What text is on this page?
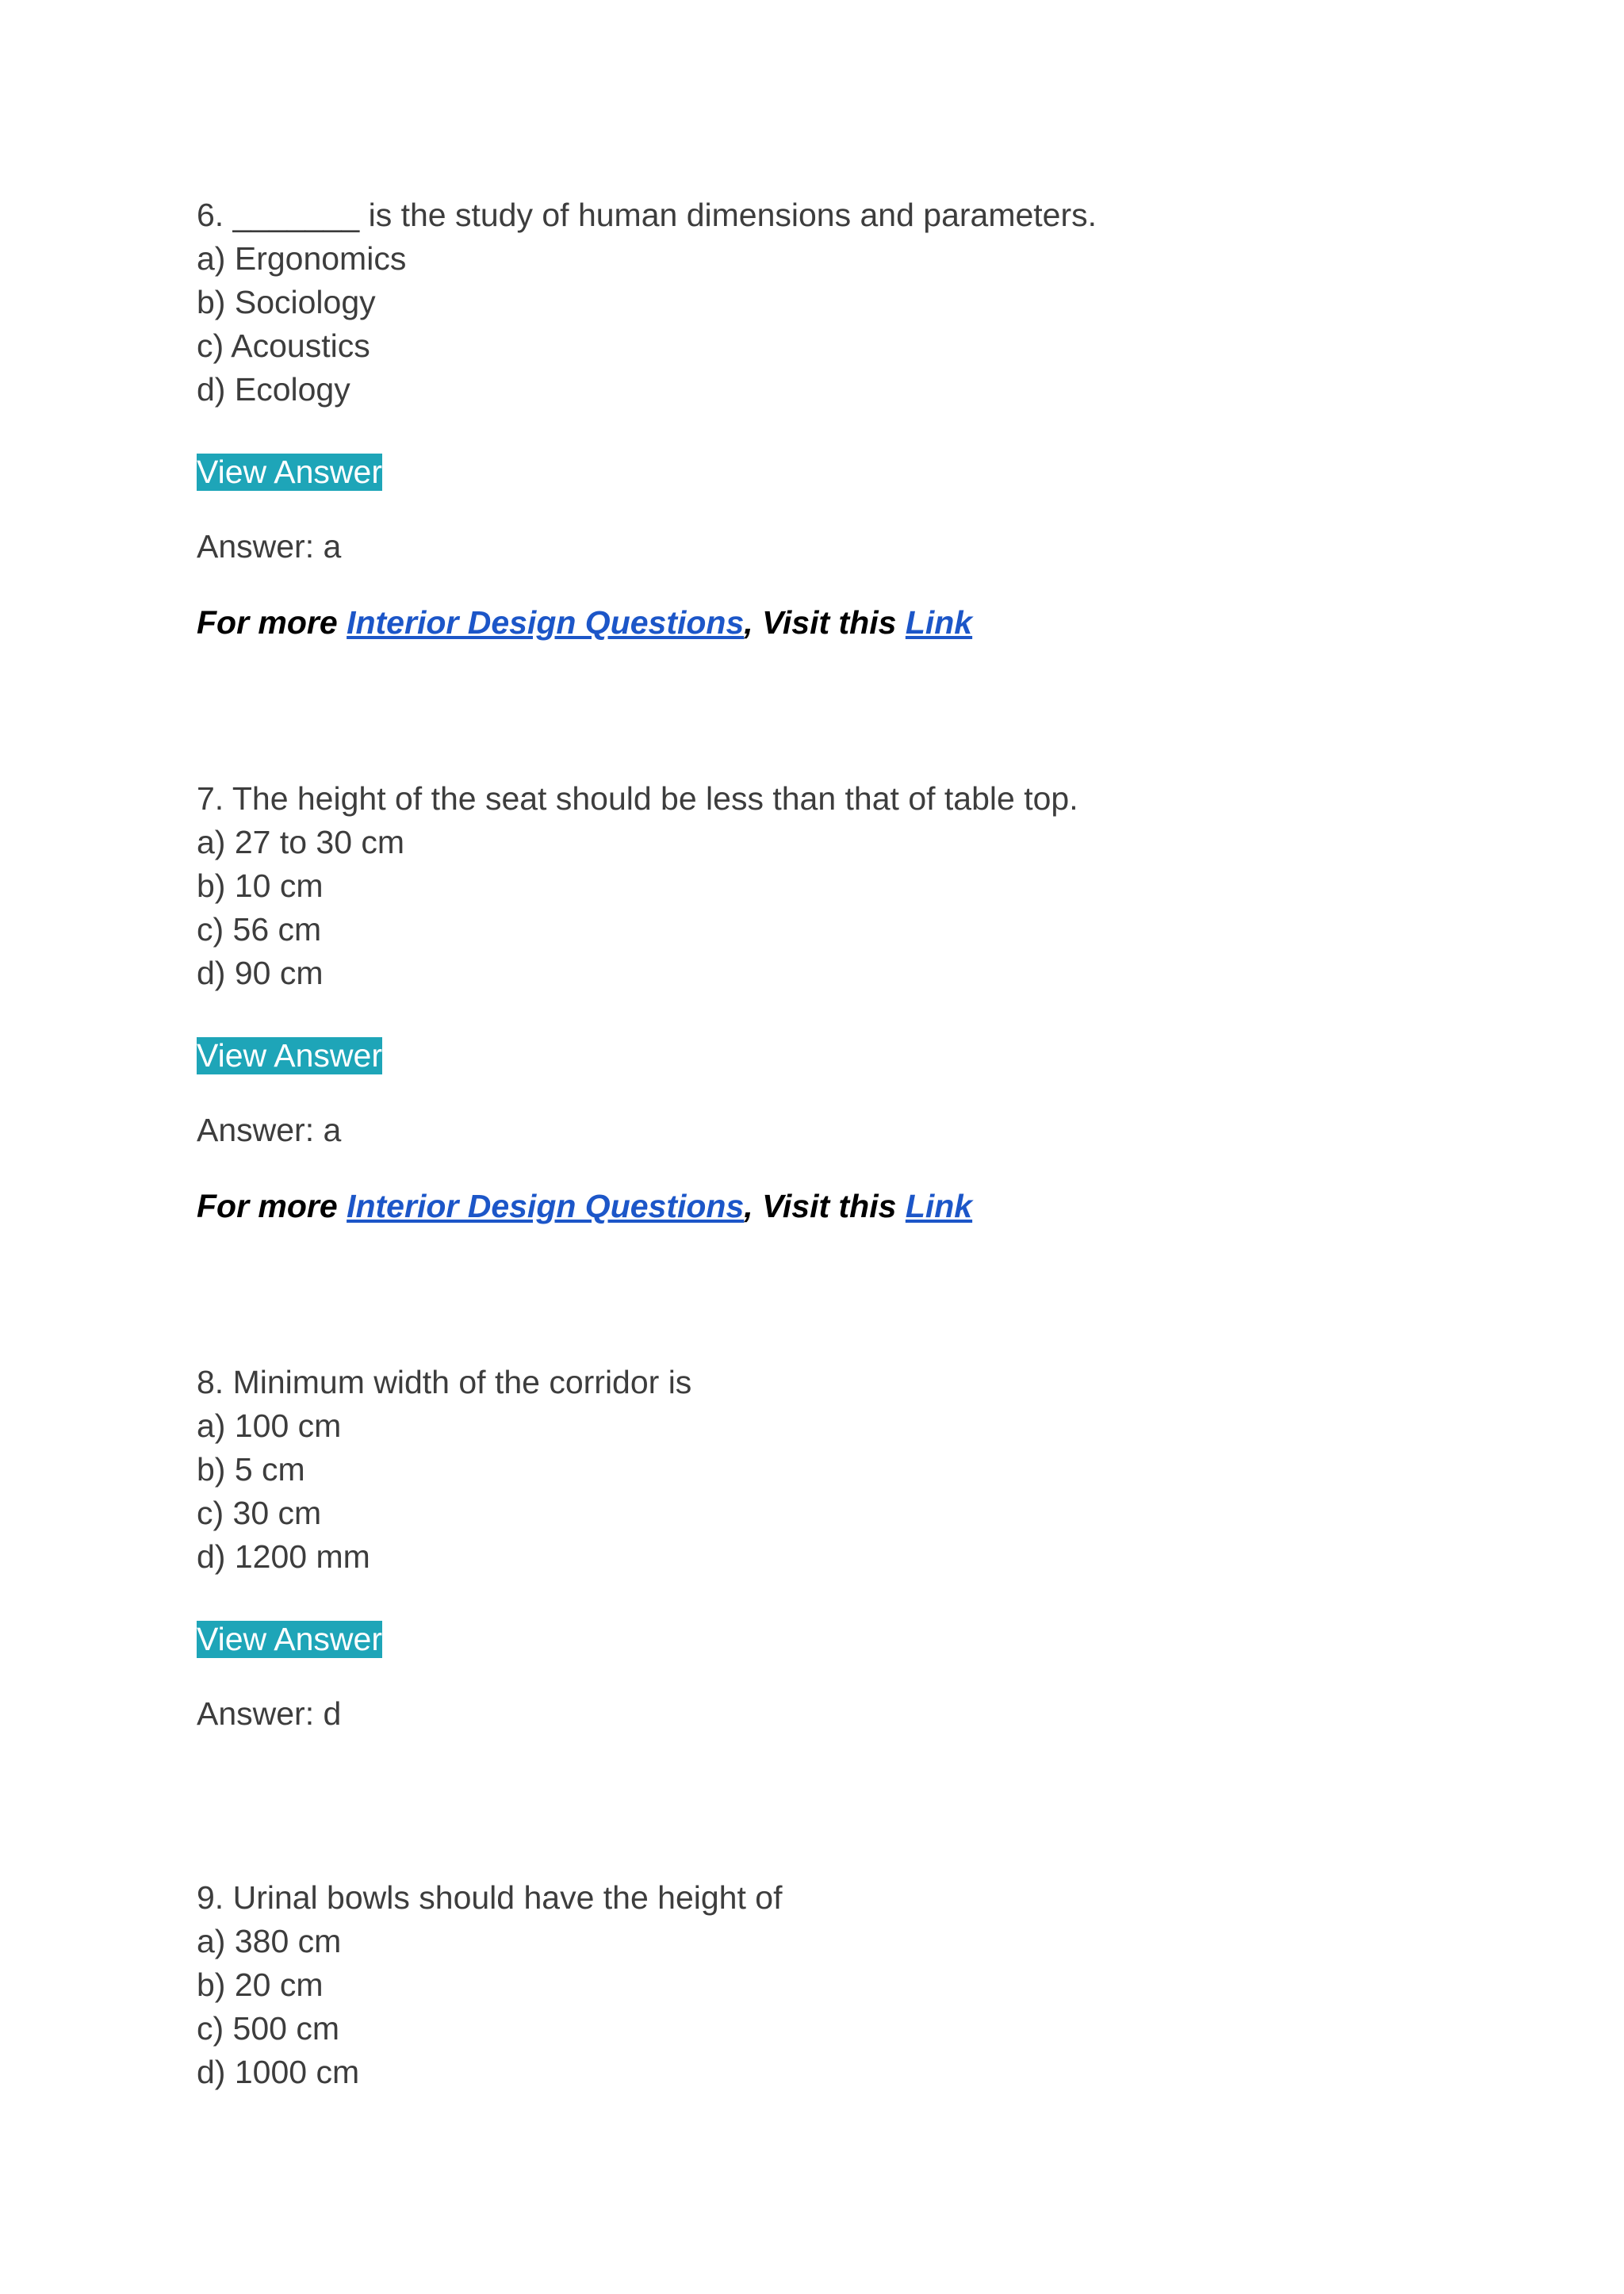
6. _______ is the study of human dimensions and parameters.

a) Ergonomics

b) Sociology

c) Acoustics

d) Ecology

View Answer

Answer: a

For more Interior Design Questions, Visit this Link

7. The height of the seat should be less than that of table top.

a) 27 to 30 cm

b) 10 cm

c) 56 cm

d) 90 cm

View Answer

Answer: a

For more Interior Design Questions, Visit this Link

8. Minimum width of the corridor is

a) 100 cm

b) 5 cm

c) 30 cm

d) 1200 mm

View Answer

Answer: d

9. Urinal bowls should have the height of

a) 380 cm

b) 20 cm

c) 500 cm

d) 1000 cm
